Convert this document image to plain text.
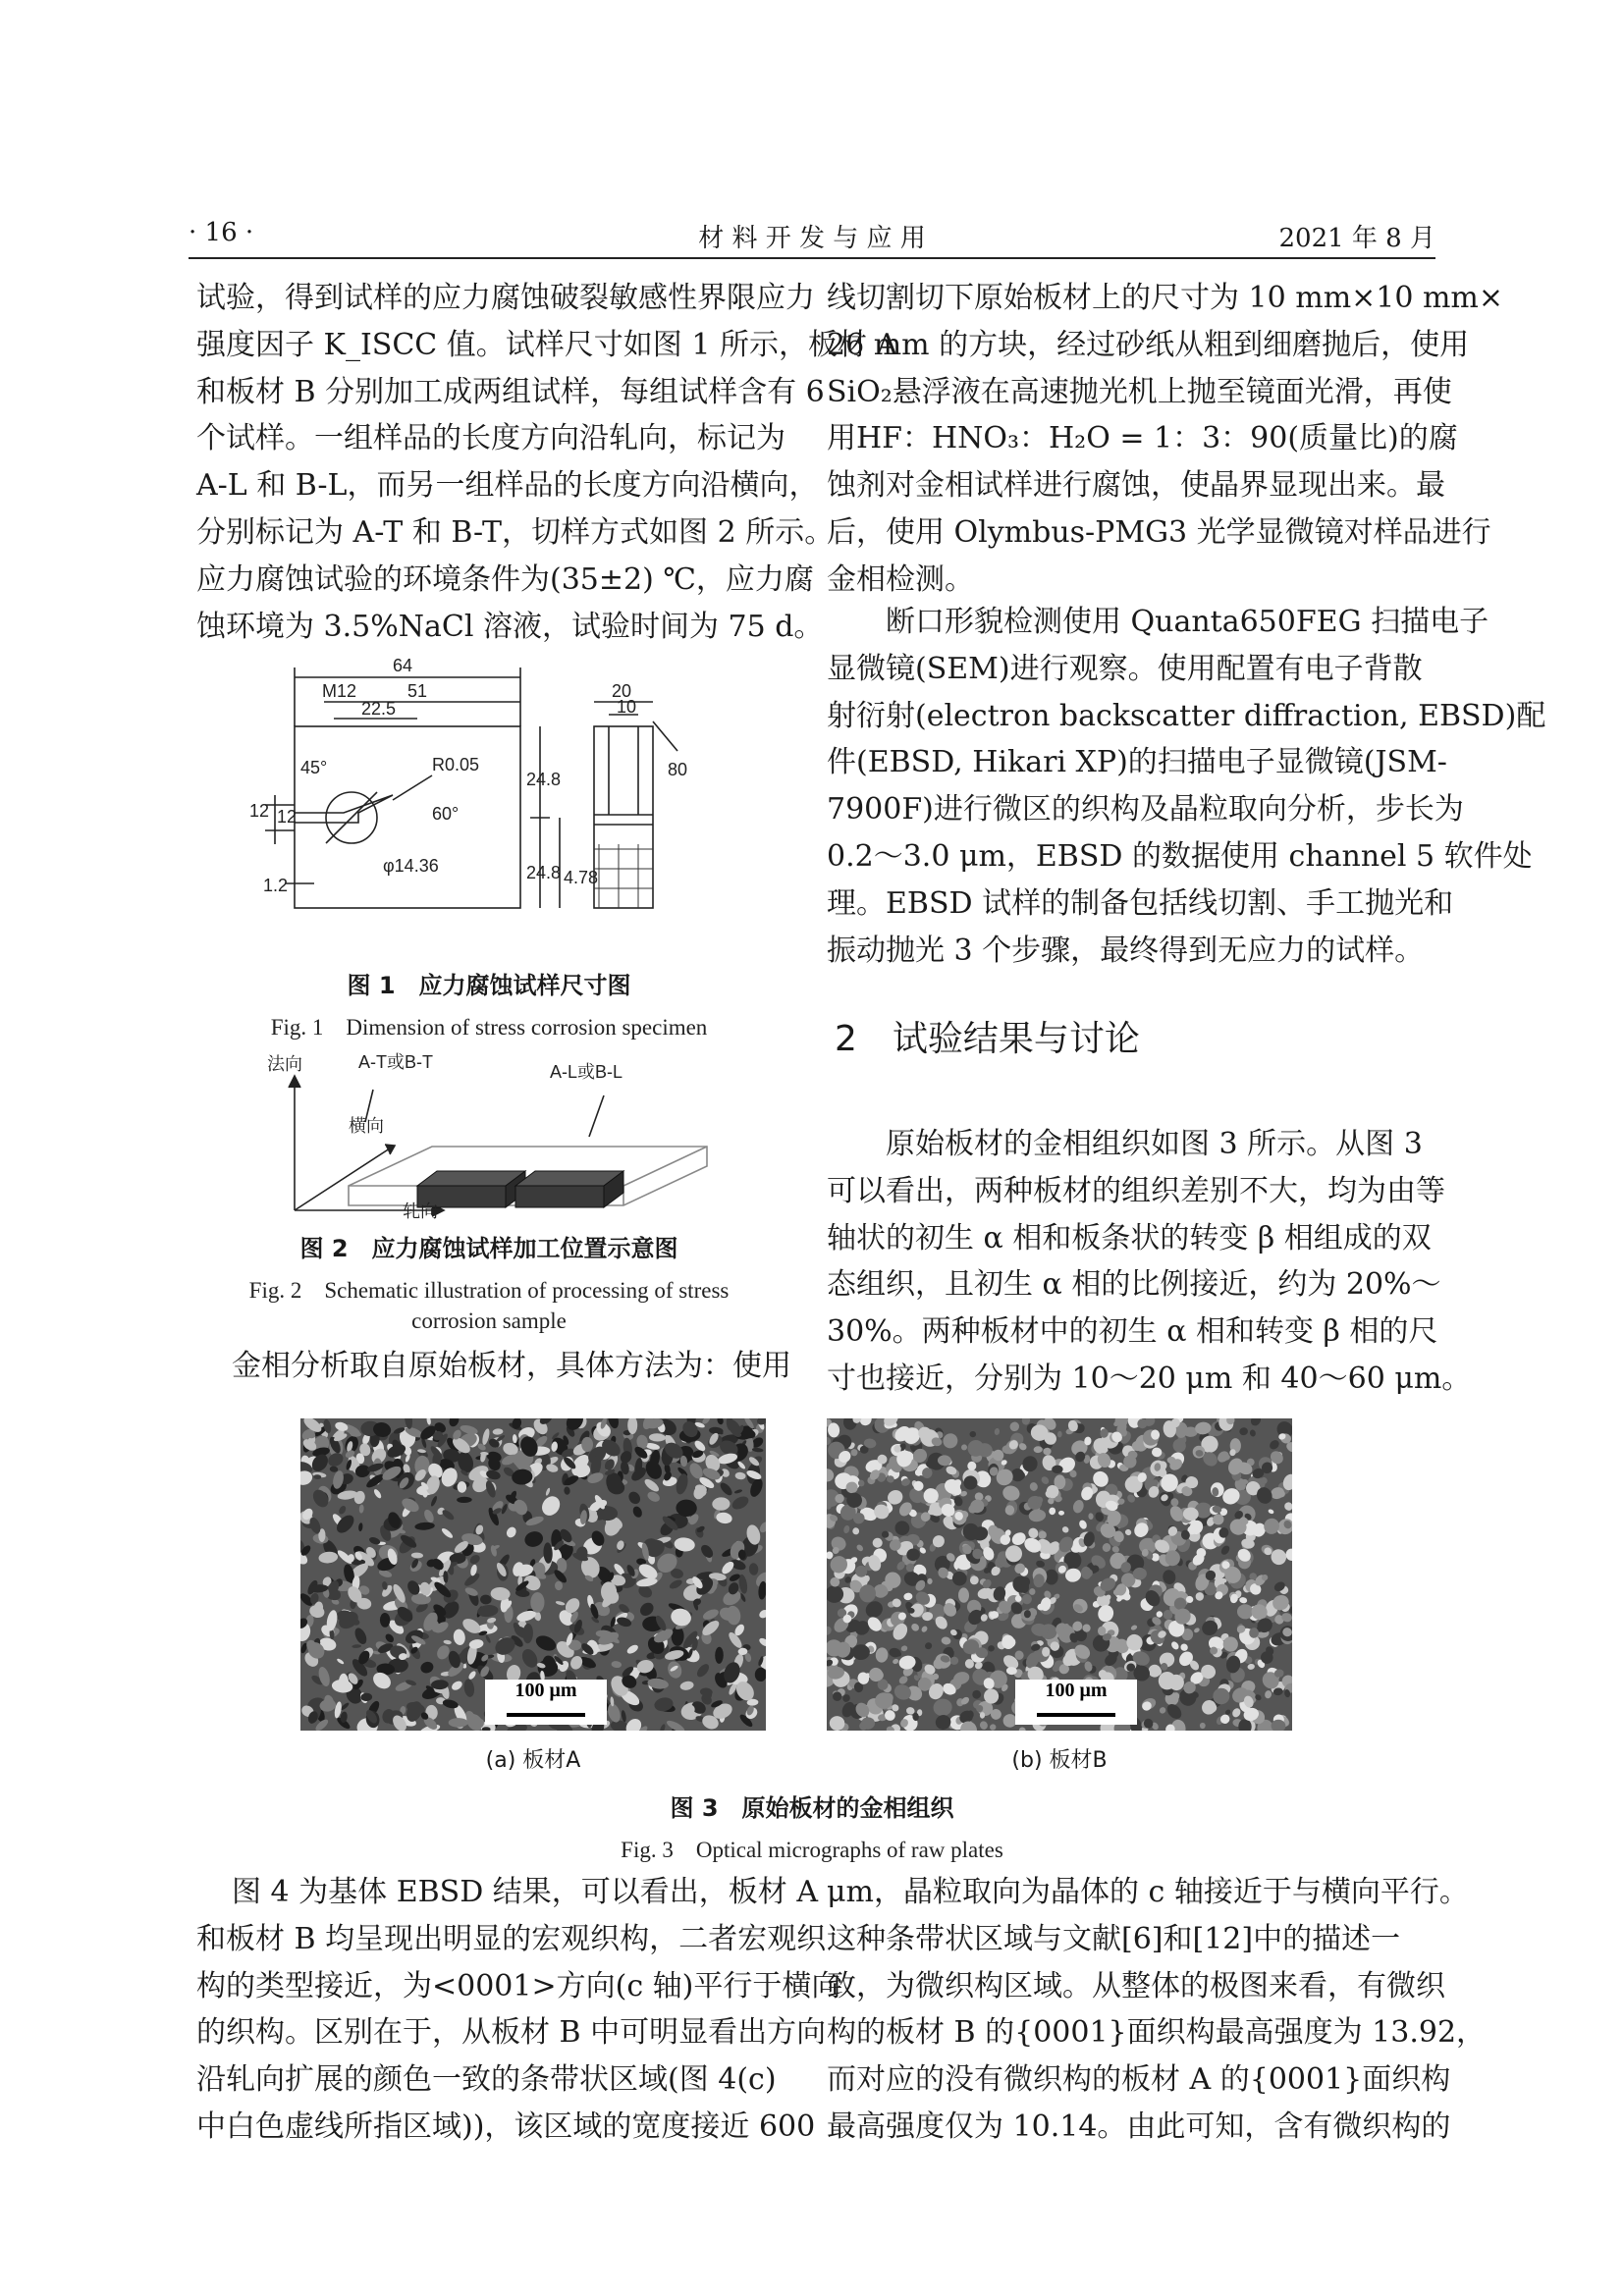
· 16 ·	材 料 开 发 与 应 用	2021 年 8 月
试验，得到试样的应力腐蚀破裂敏感性界限应力
强度因子 K_ISCC 值。试样尺寸如图 1 所示，板材 A
和板材 B 分别加工成两组试样，每组试样含有 6
个试样。一组样品的长度方向沿轧向，标记为
A-L 和 B-L，而另一组样品的长度方向沿横向，
分别标记为 A-T 和 B-T，切样方式如图 2 所示。
应力腐蚀试验的环境条件为(35±2) ℃，应力腐
蚀环境为 3.5%NaCl 溶液，试验时间为 75 d。
64
51
M12
22.5
45°	R0.05
60°
12 12
φ14.36
1.2
24.8
24.8 4.78
20
10
80
图 1　应力腐蚀试样尺寸图
Fig. 1　Dimension of stress corrosion specimen
法向
横向
轧向
A-T或B-T	A-L或B-L
图 2　应力腐蚀试样加工位置示意图
Fig. 2　Schematic illustration of processing of stress
corrosion sample
金相分析取自原始板材，具体方法为：使用
线切割切下原始板材上的尺寸为 10 mm×10 mm×
26 mm 的方块，经过砂纸从粗到细磨抛后，使用
SiO₂悬浮液在高速抛光机上抛至镜面光滑，再使
用HF：HNO₃：H₂O = 1：3：90(质量比)的腐
蚀剂对金相试样进行腐蚀，使晶界显现出来。最
后，使用 Olymbus-PMG3 光学显微镜对样品进行
金相检测。
断口形貌检测使用 Quanta650FEG 扫描电子
显微镜(SEM)进行观察。使用配置有电子背散
射衍射(electron backscatter diffraction, EBSD)配
件(EBSD, Hikari XP)的扫描电子显微镜(JSM-
7900F)进行微区的织构及晶粒取向分析，步长为
0.2～3.0 μm，EBSD 的数据使用 channel 5 软件处
理。EBSD 试样的制备包括线切割、手工抛光和
振动抛光 3 个步骤，最终得到无应力的试样。
2　试验结果与讨论
原始板材的金相组织如图 3 所示。从图 3
可以看出，两种板材的组织差别不大，均为由等
轴状的初生 α 相和板条状的转变 β 相组成的双
态组织，且初生 α 相的比例接近，约为 20%～
30%。两种板材中的初生 α 相和转变 β 相的尺
寸也接近，分别为 10～20 μm 和 40～60 μm。
100 μm	100 μm
(a) 板材A	(b) 板材B
图 3　原始板材的金相组织
Fig. 3　Optical micrographs of raw plates
图 4 为基体 EBSD 结果，可以看出，板材 A
和板材 B 均呈现出明显的宏观织构，二者宏观织
构的类型接近，为<0001>方向(c 轴)平行于横向
的织构。区别在于，从板材 B 中可明显看出方向
沿轧向扩展的颜色一致的条带状区域(图 4(c)
中白色虚线所指区域))，该区域的宽度接近 600
μm，晶粒取向为晶体的 c 轴接近于与横向平行。
这种条带状区域与文献[6]和[12]中的描述一
致，为微织构区域。从整体的极图来看，有微织
构的板材 B 的{0001}面织构最高强度为 13.92，
而对应的没有微织构的板材 A 的{0001}面织构
最高强度仅为 10.14。由此可知，含有微织构的
